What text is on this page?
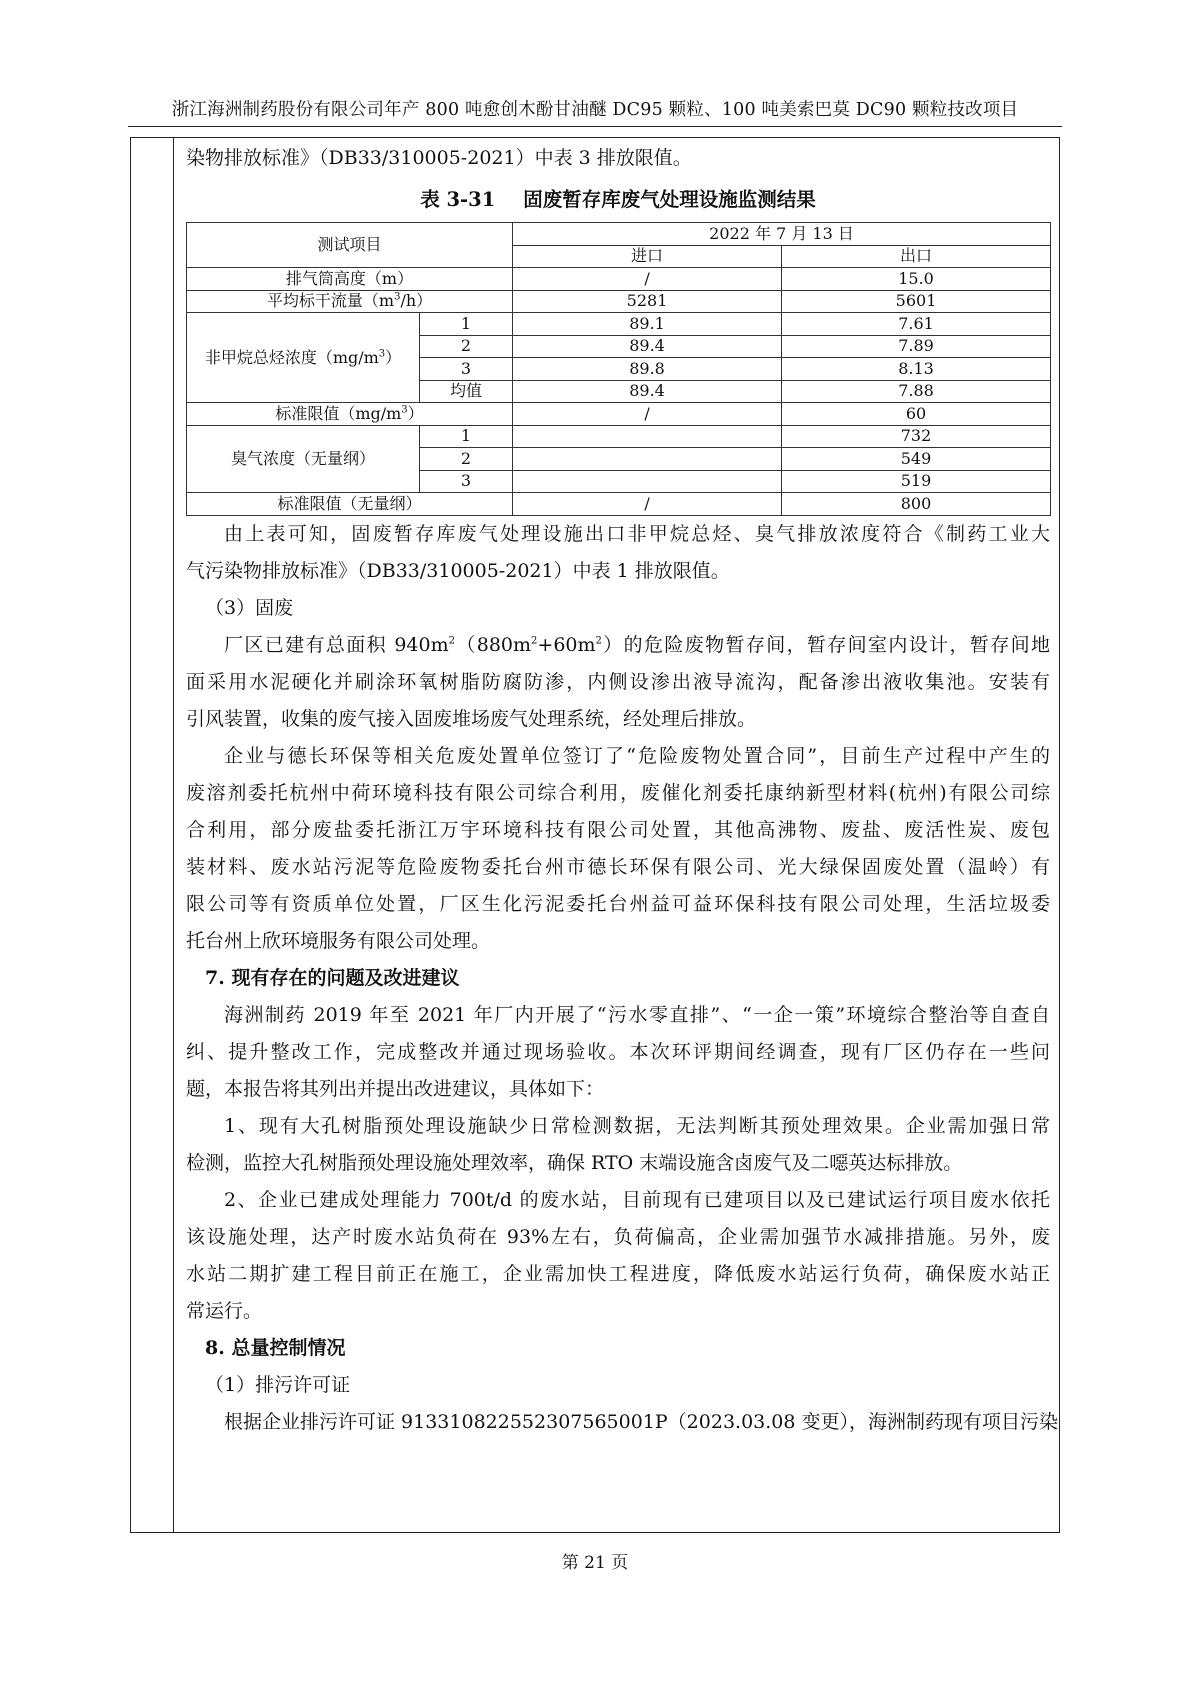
浙江海洲制药股份有限公司年产 800 吨愈创木酚甘油醚 DC95 颗粒、100 吨美索巴莫 DC90 颗粒技改项目
染物排放标准》（DB33/310005-2021）中表 3 排放限值。
表 3-31 固废暂存库废气处理设施监测结果
测试项目		2022 年 7 月 13 日	
		进口	出口
排气筒高度（m）		/	15.0
平均标干流量$(m^3/h)$		5281	5601
非甲烷总烃浓度$(mg/m^3)$	1	89.1	7.61
	2	89.4	7.89
	3	89.8	8.13
	均值	89.4	7.88
标准限值$(mg/m^3)$		/	60
臭气浓度（无量纲）	1		732
	2		549
	3		519
标准限值（无量纲）		/	800
由上表可知，固废暂存库废气处理设施出口非甲烷总烃、臭气排放浓度符合《制药工业大
气污染物排放标准》（DB33/310005-2021）中表 1 排放限值。
（3）固废
厂区已建有总面积 $940m^2(880m^2+60m^2)$的危险废物暂存间，暂存间室内设计，暂存间地
面采用水泥硬化并刷涂环氧树脂防腐防渗，内侧设渗出液导流沟，配备渗出液收集池。安装有
引风装置，收集的废气接入固废堆场废气处理系统，经处理后排放。
企业与德长环保等相关危废处置单位签订了“危险废物处置合同”，目前生产过程中产生的
废溶剂委托杭州中荷环境科技有限公司综合利用，废催化剂委托康纳新型材料(杭州)有限公司综
合利用，部分废盐委托浙江万宇环境科技有限公司处置，其他高沸物、废盐、废活性炭、废包
装材料、废水站污泥等危险废物委托台州市德长环保有限公司、光大绿保固废处置（温岭）有
限公司等有资质单位处置，厂区生化污泥委托台州益可益环保科技有限公司处理，生活垃圾委
托台州上欣环境服务有限公司处理。
7. 现有存在的问题及改进建议
海洲制药 2019 年至 2021 年厂内开展了“污水零直排”、“一企一策”环境综合整治等自查自
纠、提升整改工作，完成整改并通过现场验收。本次环评期间经调查，现有厂区仍存在一些问
题，本报告将其列出并提出改进建议，具体如下：
1、现有大孔树脂预处理设施缺少日常检测数据，无法判断其预处理效果。企业需加强日常
检测，监控大孔树脂预处理设施处理效率，确保 RTO 末端设施含卤废气及二噁英达标排放。
2、企业已建成处理能力 700t/d 的废水站，目前现有已建项目以及已建试运行项目废水依托
该设施处理，达产时废水站负荷在 93%左右，负荷偏高，企业需加强节水减排措施。另外，废
水站二期扩建工程目前正在施工，企业需加快工程进度，降低废水站运行负荷，确保废水站正
常运行。
8. 总量控制情况
（1）排污许可证
根据企业排污许可证 91331082255230756500​1P（2023.03.08 变更），海洲制药现有项目污染
第 21 页
